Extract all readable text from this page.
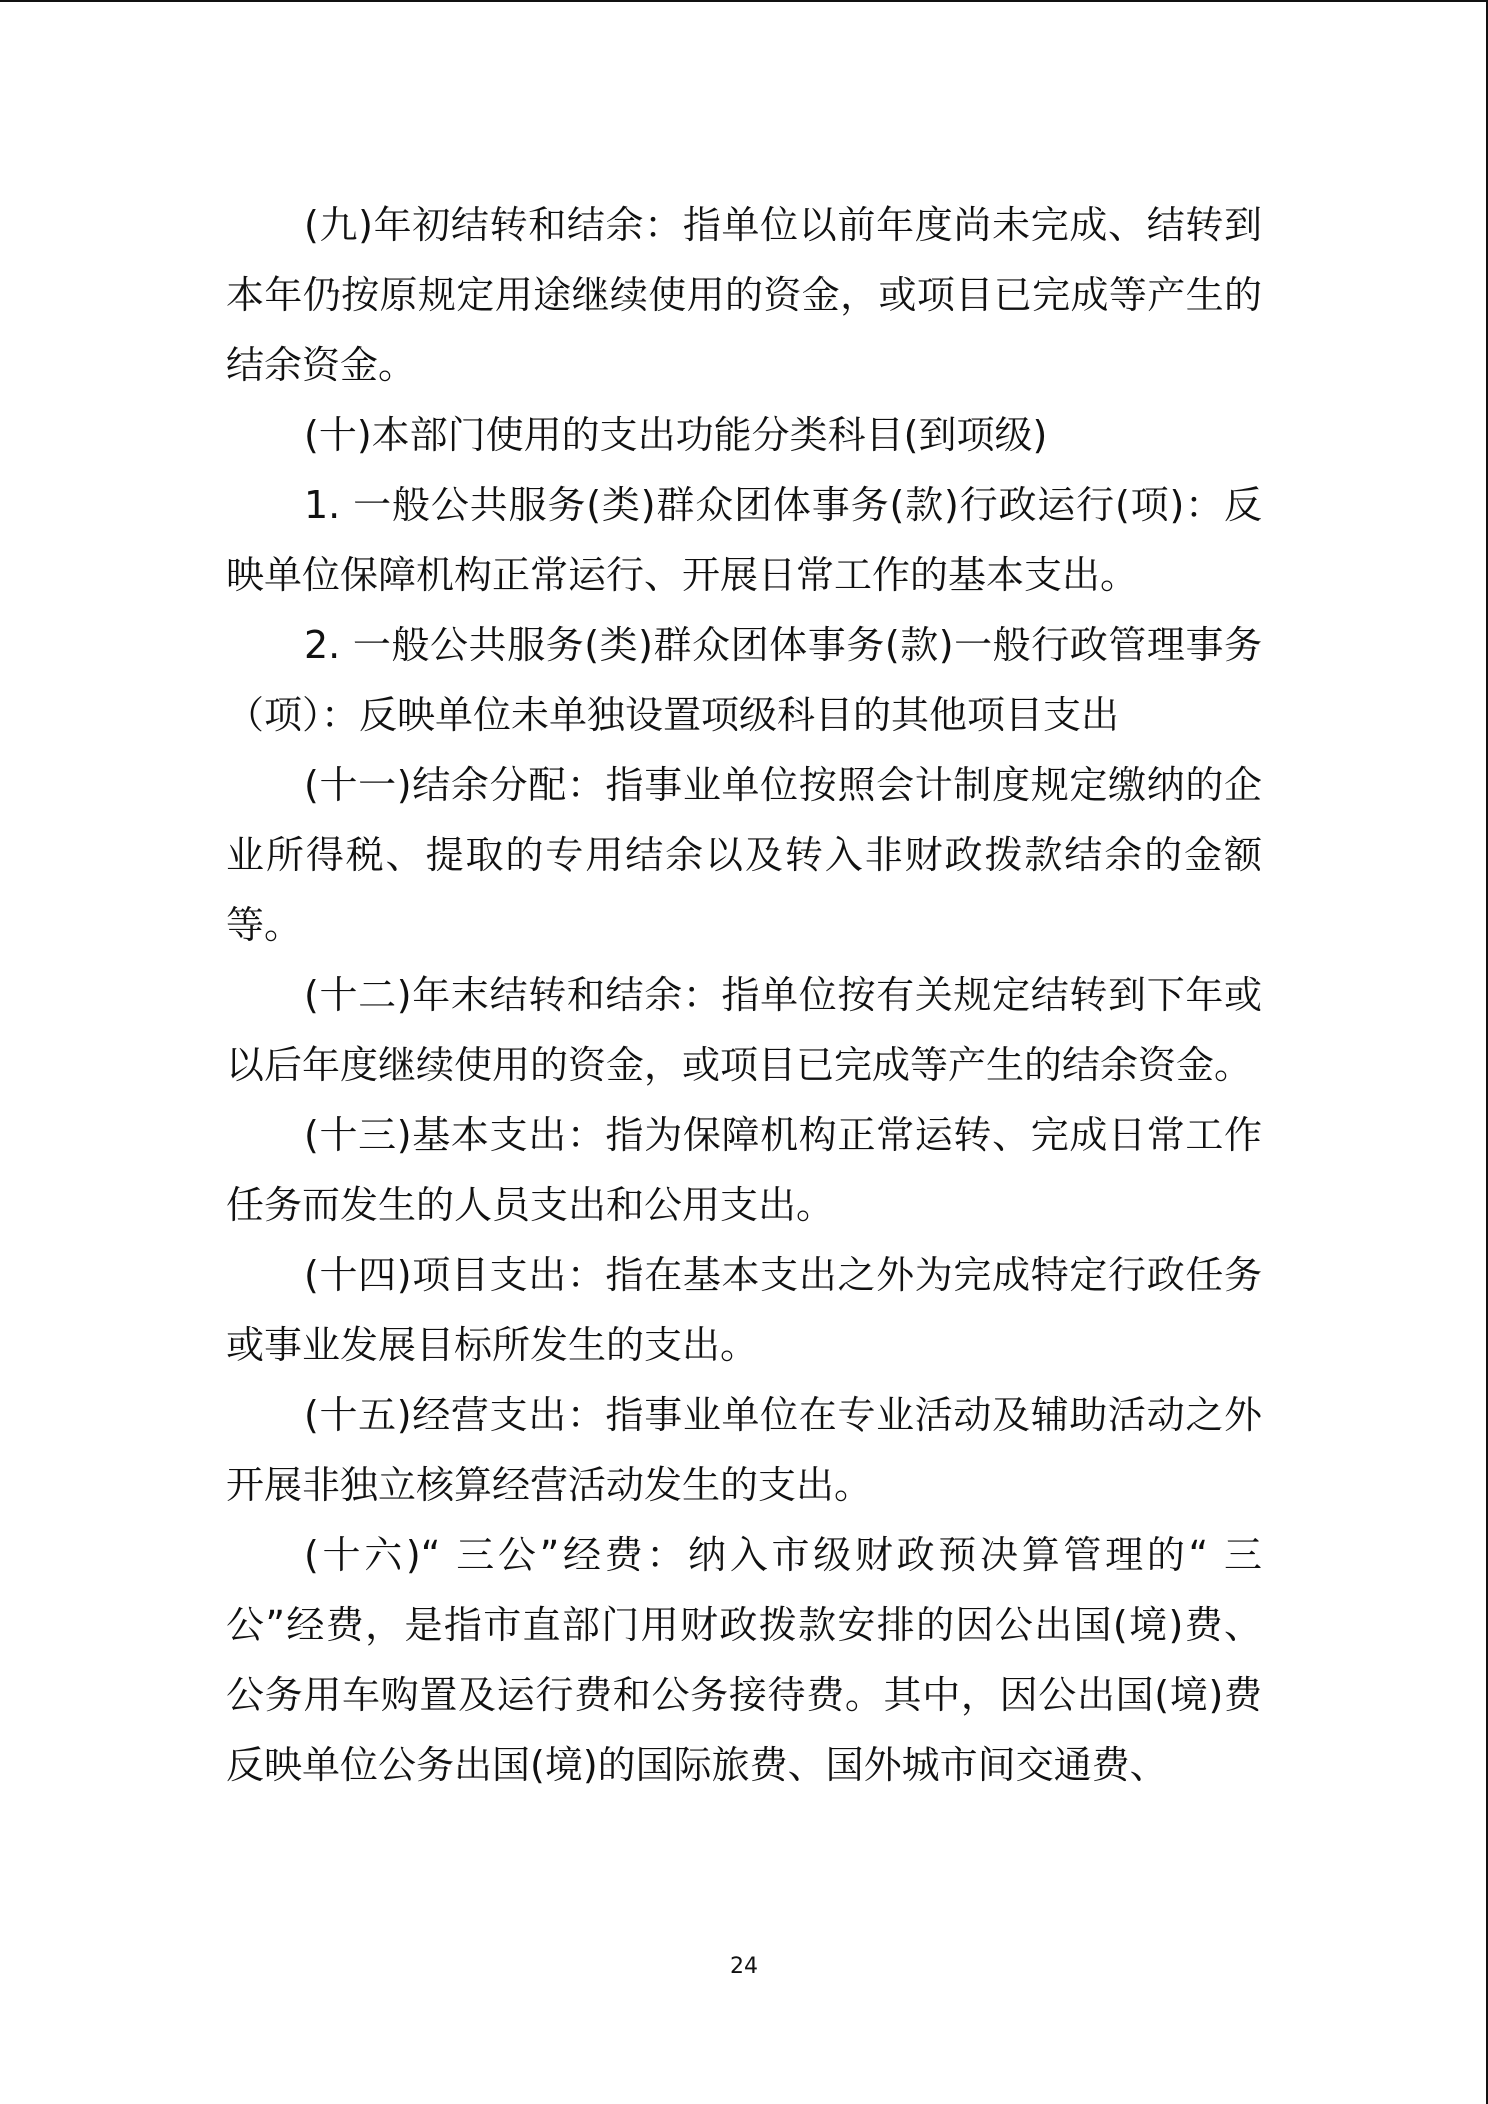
(九)年初结转和结余：指单位以前年度尚未完成、结转到本年仍按原规定用途继续使用的资金，或项目已完成等产生的结余资金。

(十)本部门使用的支出功能分类科目(到项级)

1. 一般公共服务(类)群众团体事务(款)行政运行(项)：反映单位保障机构正常运行、开展日常工作的基本支出。

2. 一般公共服务(类)群众团体事务(款)一般行政管理事务（项）：反映单位未单独设置项级科目的其他项目支出

(十一)结余分配：指事业单位按照会计制度规定缴纳的企业所得税、提取的专用结余以及转入非财政拨款结余的金额等。

(十二)年末结转和结余：指单位按有关规定结转到下年或以后年度继续使用的资金，或项目已完成等产生的结余资金。

(十三)基本支出：指为保障机构正常运转、完成日常工作任务而发生的人员支出和公用支出。

(十四)项目支出：指在基本支出之外为完成特定行政任务或事业发展目标所发生的支出。

(十五)经营支出：指事业单位在专业活动及辅助活动之外开展非独立核算经营活动发生的支出。

(十六)“ 三公”经费：纳入市级财政预决算管理的“ 三公”经费，是指市直部门用财政拨款安排的因公出国(境)费、公务用车购置及运行费和公务接待费。其中，因公出国(境)费反映单位公务出国(境)的国际旅费、国外城市间交通费、

24
